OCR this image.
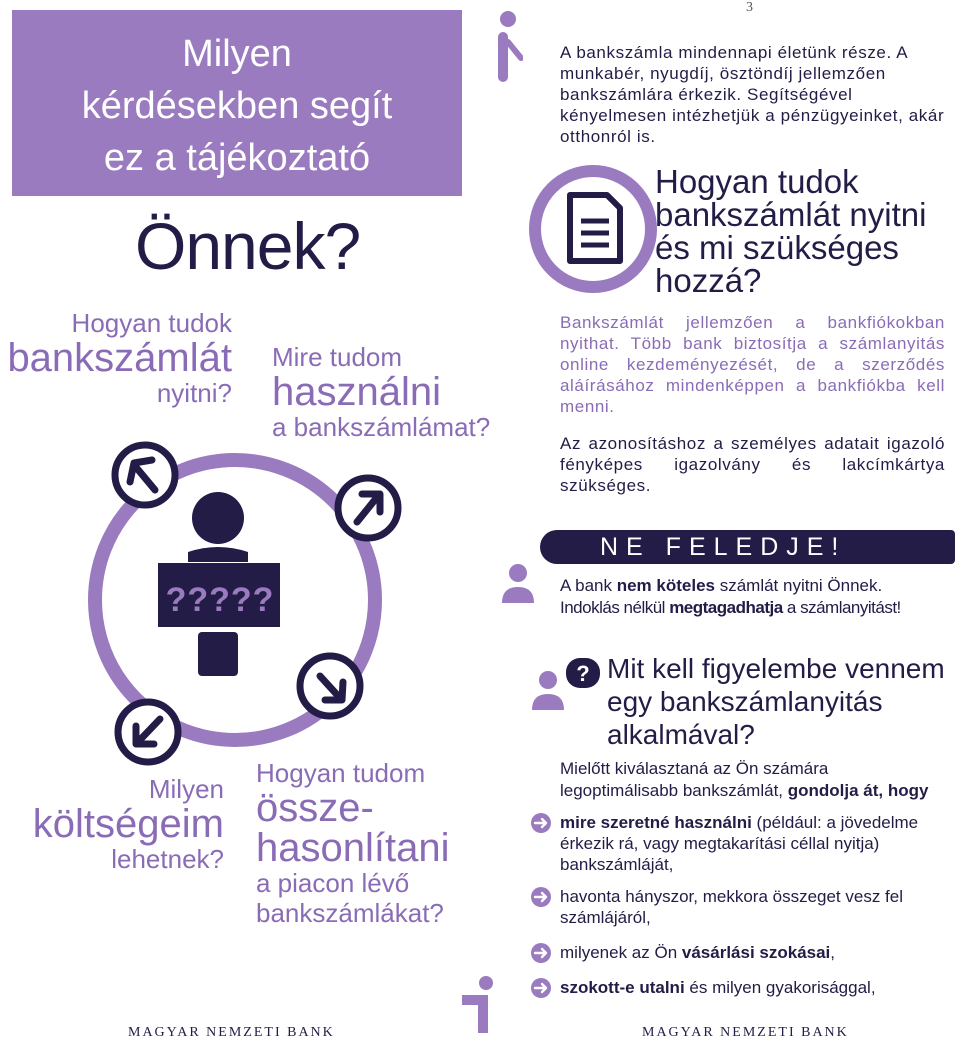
Milyen
kérdésekben segít
ez a tájékoztató
Önnek?
Hogyan tudok
bankszámlát
nyitni?
Mire tudom
használni
a bankszámlámat?
?????
Milyen
költségeim
lehetnek?
Hogyan tudom
össze-
hasonlítani
a piacon lévő
bankszámlákat?
MAGYAR NEMZETI BANK
3
A bankszámla mindennapi életünk része. A munkabér, nyugdíj, ösztöndíj jellemzően bankszámlára érkezik. Segítségével kényelmesen intézhetjük a pénzügyeinket, akár otthonról is.
Hogyan tudok bankszámlát nyitni és mi szükséges hozzá?
Bankszámlát jellemzően a bankfiókokban nyithat. Több bank biztosítja a számlanyitás online kezdeményezését, de a szerződés aláírásához mindenképpen a bankfiókba kell menni.
Az azonosításhoz a személyes adatait igazoló fényképes igazolvány és lakcímkártya szükséges.
NE FELEDJE!
A bank nem köteles számlát nyitni Önnek.
Indoklás nélkül megtagadhatja a számlanyitást!
? Mit kell figyelembe vennem egy bankszámlanyitás alkalmával?
Mielőtt kiválasztaná az Ön számára legoptimálisabb bankszámlát, gondolja át, hogy
mire szeretné használni (például: a jövedelme érkezik rá, vagy megtakarítási céllal nyitja) bankszámláját,
havonta hányszor, mekkora összeget vesz fel számlájáról,
milyenek az Ön vásárlási szokásai,
szokott-e utalni és milyen gyakorisággal,
MAGYAR NEMZETI BANK
